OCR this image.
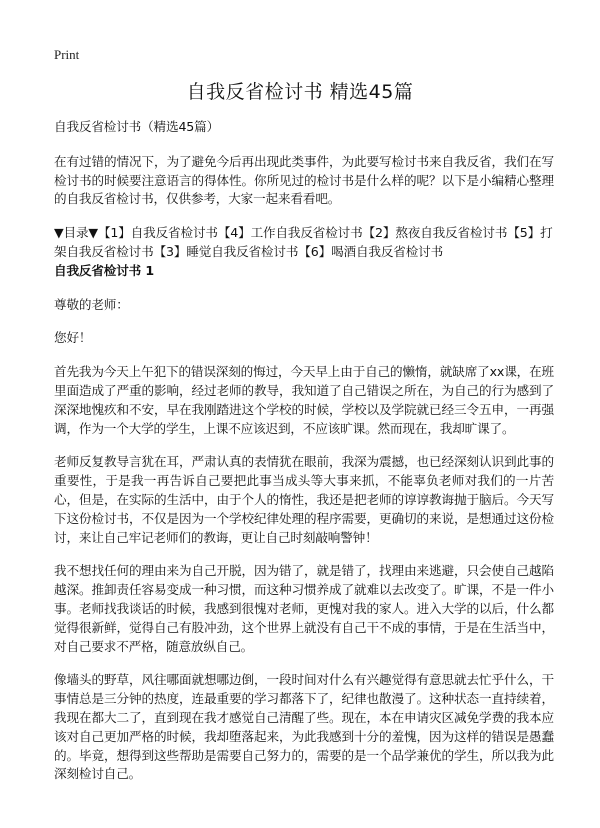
Print
自我反省检讨书 精选45篇

自我反省检讨书（精选45篇）

在有过错的情况下，为了避免今后再出现此类事件，为此要写检讨书来自我反省，我们在写检讨书的时候要注意语言的得体性。你所见过的检讨书是什么样的呢？以下是小编精心整理的自我反省检讨书，仅供参考，大家一起来看看吧。

▼目录▼【1】自我反省检讨书【4】工作自我反省检讨书【2】熬夜自我反省检讨书【5】打架自我反省检讨书【3】睡觉自我反省检讨书【6】喝酒自我反省检讨书
自我反省检讨书 1

尊敬的老师：

您好！

首先我为今天上午犯下的错误深刻的悔过，今天早上由于自己的懒惰，就缺席了xx课，在班里面造成了严重的影响，经过老师的教导，我知道了自己错误之所在，为自己的行为感到了深深地愧疚和不安，早在我刚踏进这个学校的时候，学校以及学院就已经三令五申，一再强调，作为一个大学的学生，上课不应该迟到，不应该旷课。然而现在，我却旷课了。

老师反复教导言犹在耳，严肃认真的表情犹在眼前，我深为震撼，也已经深刻认识到此事的重要性，于是我一再告诉自己要把此事当成头等大事来抓，不能辜负老师对我们的一片苦心，但是，在实际的生活中，由于个人的惰性，我还是把老师的谆谆教诲抛于脑后。今天写下这份检讨书，不仅是因为一个学校纪律处理的程序需要，更确切的来说，是想通过这份检讨，来让自己牢记老师们的教诲，更让自己时刻敲响警钟！

我不想找任何的理由来为自己开脱，因为错了，就是错了，找理由来逃避，只会使自己越陷越深。推卸责任容易变成一种习惯，而这种习惯养成了就难以去改变了。旷课，不是一件小事。老师找我谈话的时候，我感到很愧对老师，更愧对我的家人。进入大学的以后，什么都觉得很新鲜，觉得自己有股冲劲，这个世界上就没有自己干不成的事情，于是在生活当中，对自己要求不严格，随意放纵自己。

像墙头的野草，风往哪面就想哪边倒，一段时间对什么有兴趣觉得有意思就去忙乎什么，干事情总是三分钟的热度，连最重要的学习都落下了，纪律也散漫了。这种状态一直持续着，我现在都大二了，直到现在我才感觉自己清醒了些。现在，本在申请灾区减免学费的我本应该对自己更加严格的时候，我却堕落起来，为此我感到十分的羞愧，因为这样的错误是愚蠢的。毕竟，想得到这些帮助是需要自己努力的，需要的是一个品学兼优的学生，所以我为此深刻检讨自己。
